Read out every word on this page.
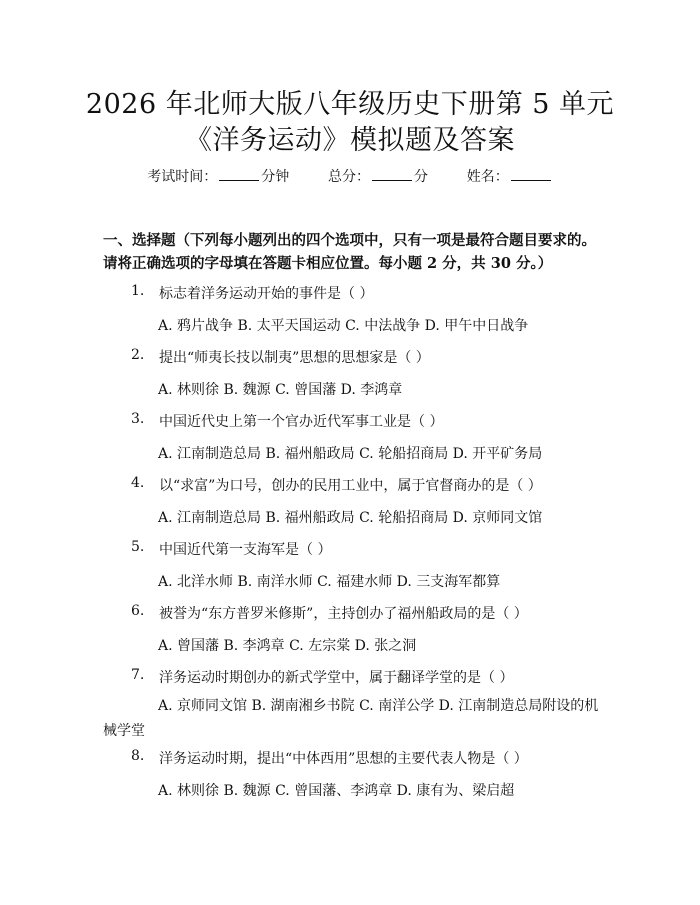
2026 年北师大版八年级历史下册第 5 单元
《洋务运动》模拟题及答案
考试时间：	分钟	总分：	分	姓名：
一、选择题（下列每小题列出的四个选项中，只有一项是最符合题目要求的。请将正确选项的字母填在答题卡相应位置。每小题 2 分，共 30 分。）
1. 标志着洋务运动开始的事件是（ ）
A. 鸦片战争 B. 太平天国运动 C. 中法战争 D. 甲午中日战争
2. 提出“师夷长技以制夷”思想的思想家是（ ）
A. 林则徐 B. 魏源 C. 曾国藩 D. 李鸿章
3. 中国近代史上第一个官办近代军事工业是（ ）
A. 江南制造总局 B. 福州船政局 C. 轮船招商局 D. 开平矿务局
4. 以“求富”为口号，创办的民用工业中，属于官督商办的是（ ）
A. 江南制造总局 B. 福州船政局 C. 轮船招商局 D. 京师同文馆
5. 中国近代第一支海军是（ ）
A. 北洋水师 B. 南洋水师 C. 福建水师 D. 三支海军都算
6. 被誉为“东方普罗米修斯”，主持创办了福州船政局的是（ ）
A. 曾国藩 B. 李鸿章 C. 左宗棠 D. 张之洞
7. 洋务运动时期创办的新式学堂中，属于翻译学堂的是（ ）
A. 京师同文馆 B. 湖南湘乡书院 C. 南洋公学 D. 江南制造总局附设的机械学堂
8. 洋务运动时期，提出“中体西用”思想的主要代表人物是（ ）
A. 林则徐 B. 魏源 C. 曾国藩、李鸿章 D. 康有为、梁启超
